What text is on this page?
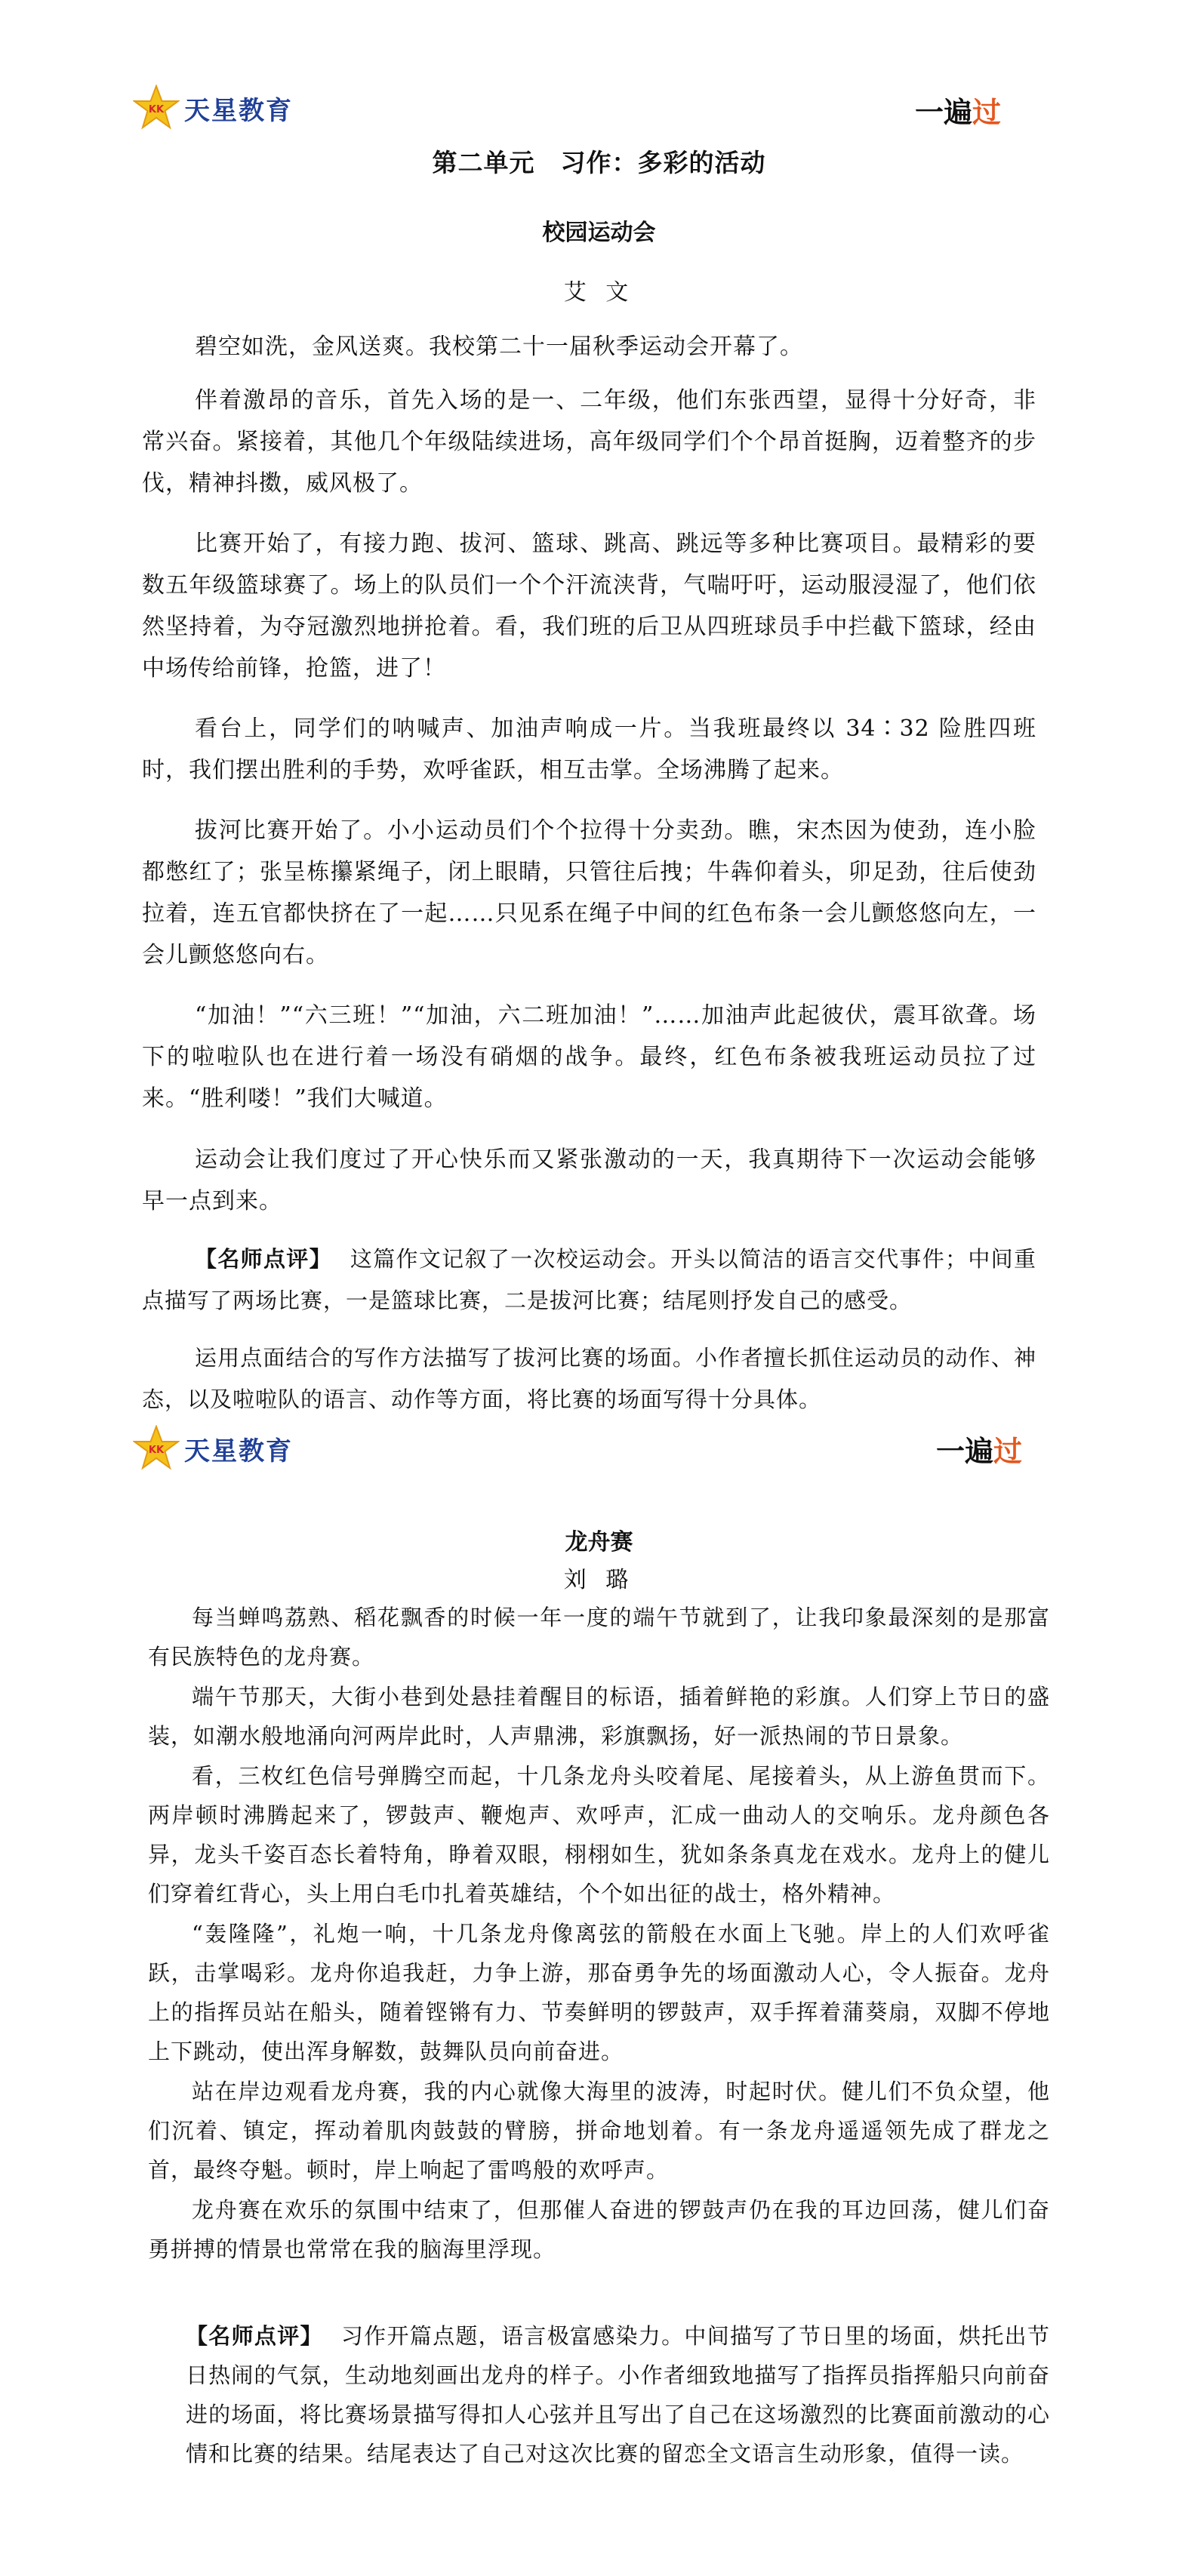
KK 天星教育	一遍过
第二单元　习作：多彩的活动
校园运动会
艾 文

碧空如洗，金风送爽。我校第二十一届秋季运动会开幕了。

伴着激昂的音乐，首先入场的是一、二年级，他们东张西望，显得十分好奇，非常兴奋。紧接着，其他几个年级陆续进场，高年级同学们个个昂首挺胸，迈着整齐的步伐，精神抖擞，威风极了。

比赛开始了，有接力跑、拔河、篮球、跳高、跳远等多种比赛项目。最精彩的要数五年级篮球赛了。场上的队员们一个个汗流浃背，气喘吁吁，运动服浸湿了，他们依然坚持着，为夺冠激烈地拼抢着。看，我们班的后卫从四班球员手中拦截下篮球，经由中场传给前锋，抢篮，进了！

看台上，同学们的呐喊声、加油声响成一片。当我班最终以 34∶32 险胜四班时，我们摆出胜利的手势，欢呼雀跃，相互击掌。全场沸腾了起来。

拔河比赛开始了。小小运动员们个个拉得十分卖劲。瞧，宋杰因为使劲，连小脸都憋红了；张呈栋攥紧绳子，闭上眼睛，只管往后拽；牛犇仰着头，卯足劲，往后使劲拉着，连五官都快挤在了一起……只见系在绳子中间的红色布条一会儿颤悠悠向左，一会儿颤悠悠向右。

“加油！”“六三班！”“加油，六二班加油！”……加油声此起彼伏，震耳欲聋。场下的啦啦队也在进行着一场没有硝烟的战争。最终，红色布条被我班运动员拉了过来。“胜利喽！”我们大喊道。

运动会让我们度过了开心快乐而又紧张激动的一天，我真期待下一次运动会能够早一点到来。

【名师点评】 这篇作文记叙了一次校运动会。开头以简洁的语言交代事件；中间重点描写了两场比赛，一是篮球比赛，二是拔河比赛；结尾则抒发自己的感受。

运用点面结合的写作方法描写了拔河比赛的场面。小作者擅长抓住运动员的动作、神态，以及啦啦队的语言、动作等方面，将比赛的场面写得十分具体。

KK 天星教育	一遍过
龙舟赛
刘 璐

每当蝉鸣荔熟、稻花飘香的时候一年一度的端午节就到了，让我印象最深刻的是那富有民族特色的龙舟赛。

端午节那天，大街小巷到处悬挂着醒目的标语，插着鲜艳的彩旗。人们穿上节日的盛装，如潮水般地涌向河两岸此时，人声鼎沸，彩旗飘扬，好一派热闹的节日景象。

看，三枚红色信号弹腾空而起，十几条龙舟头咬着尾、尾接着头，从上游鱼贯而下。两岸顿时沸腾起来了，锣鼓声、鞭炮声、欢呼声，汇成一曲动人的交响乐。龙舟颜色各异，龙头千姿百态长着特角，睁着双眼，栩栩如生，犹如条条真龙在戏水。龙舟上的健儿们穿着红背心，头上用白毛巾扎着英雄结，个个如出征的战士，格外精神。

“轰隆隆”，礼炮一响，十几条龙舟像离弦的箭般在水面上飞驰。岸上的人们欢呼雀跃，击掌喝彩。龙舟你追我赶，力争上游，那奋勇争先的场面激动人心，令人振奋。龙舟上的指挥员站在船头，随着铿锵有力、节奏鲜明的锣鼓声，双手挥着蒲葵扇，双脚不停地上下跳动，使出浑身解数，鼓舞队员向前奋进。

站在岸边观看龙舟赛，我的内心就像大海里的波涛，时起时伏。健儿们不负众望，他们沉着、镇定，挥动着肌肉鼓鼓的臂膀，拼命地划着。有一条龙舟遥遥领先成了群龙之首，最终夺魁。顿时，岸上响起了雷鸣般的欢呼声。

龙舟赛在欢乐的氛围中结束了，但那催人奋进的锣鼓声仍在我的耳边回荡，健儿们奋勇拼搏的情景也常常在我的脑海里浮现。

【名师点评】 习作开篇点题，语言极富感染力。中间描写了节日里的场面，烘托出节日热闹的气氛，生动地刻画出龙舟的样子。小作者细致地描写了指挥员指挥船只向前奋进的场面，将比赛场景描写得扣人心弦并且写出了自己在这场激烈的比赛面前激动的心情和比赛的结果。结尾表达了自己对这次比赛的留恋全文语言生动形象，值得一读。
